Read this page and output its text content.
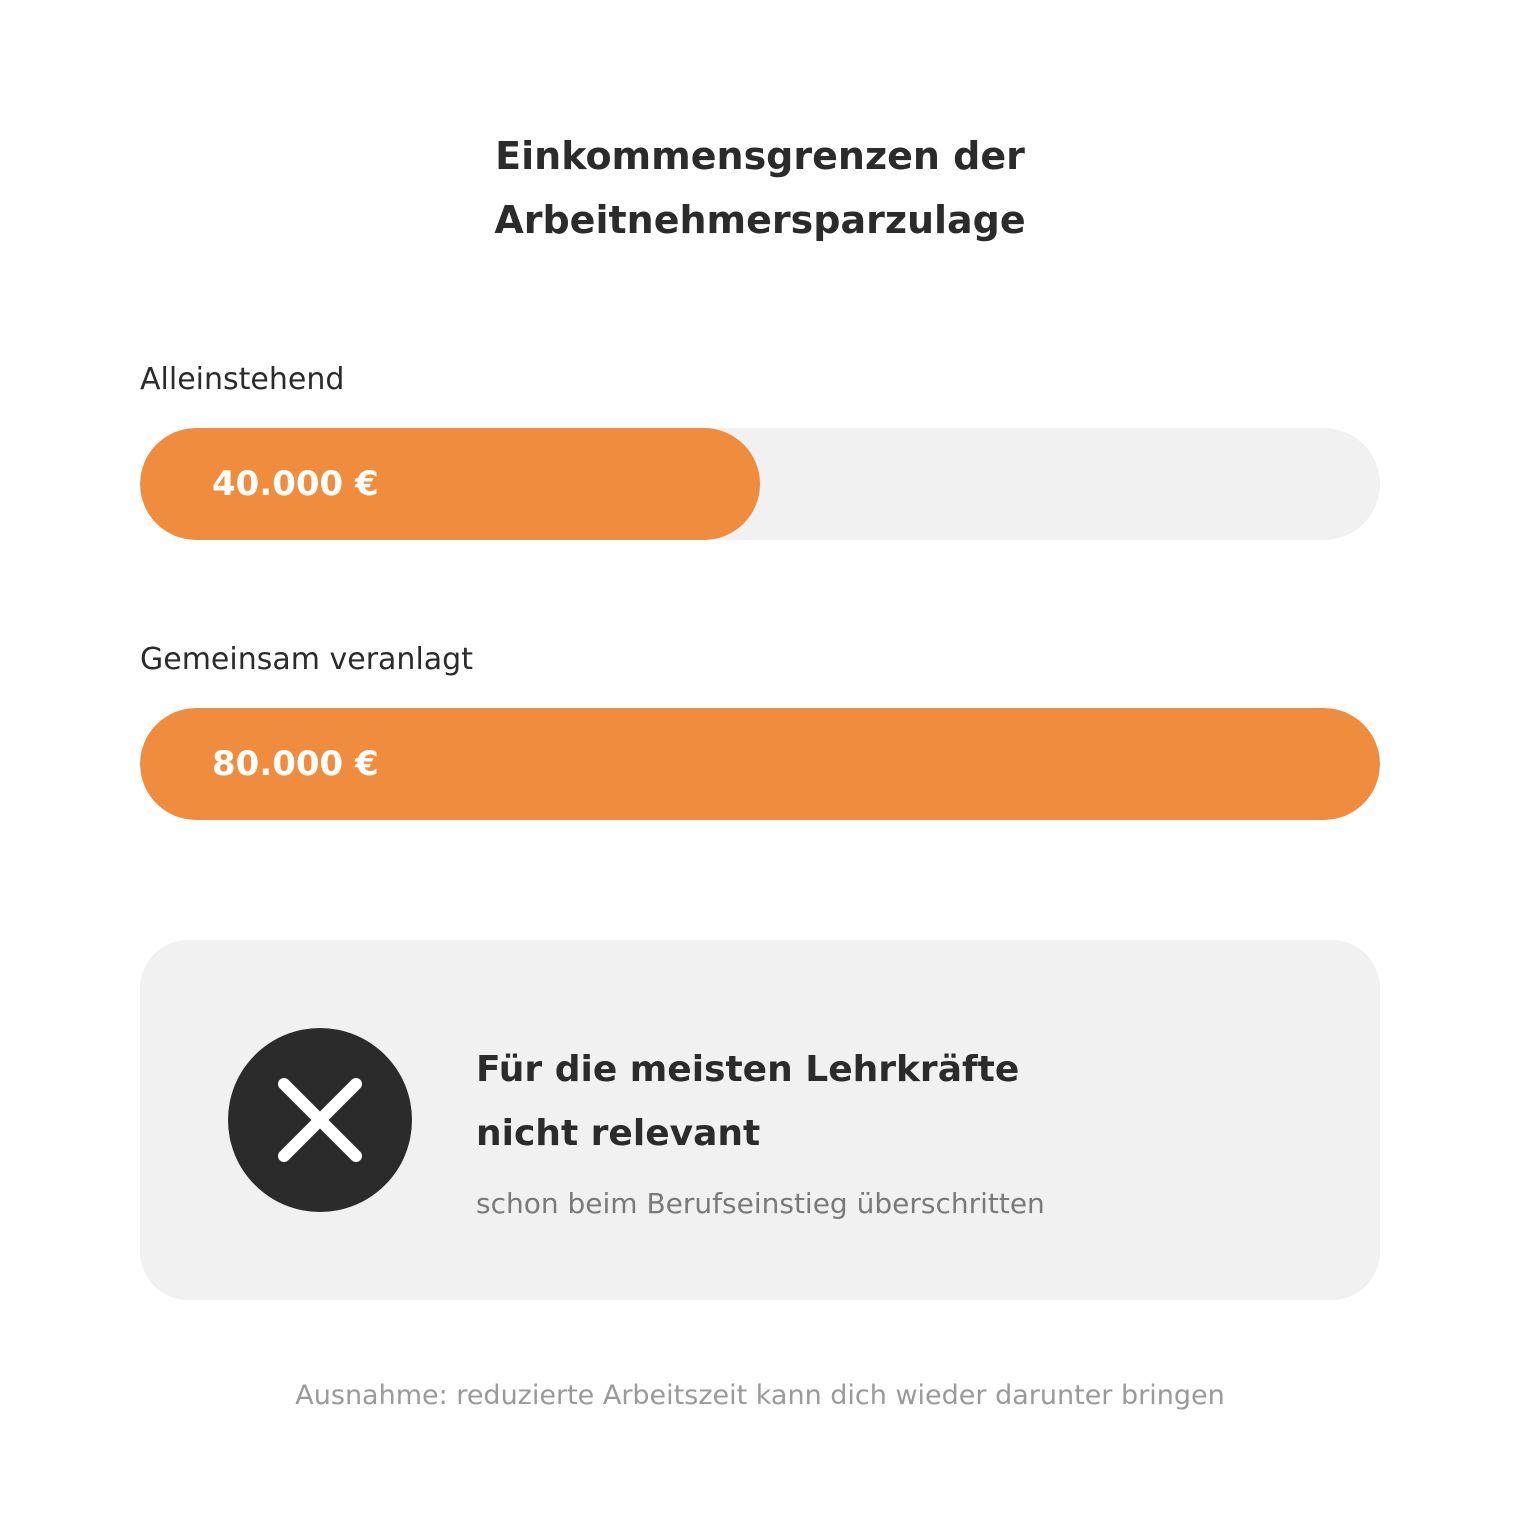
Einkommensgrenzen der
Arbeitnehmersparzulage
Alleinstehend
40.000 €
Gemeinsam veranlagt
80.000 €
Für die meisten Lehrkräfte
nicht relevant
schon beim Berufseinstieg überschritten
Ausnahme: reduzierte Arbeitszeit kann dich wieder darunter bringen
